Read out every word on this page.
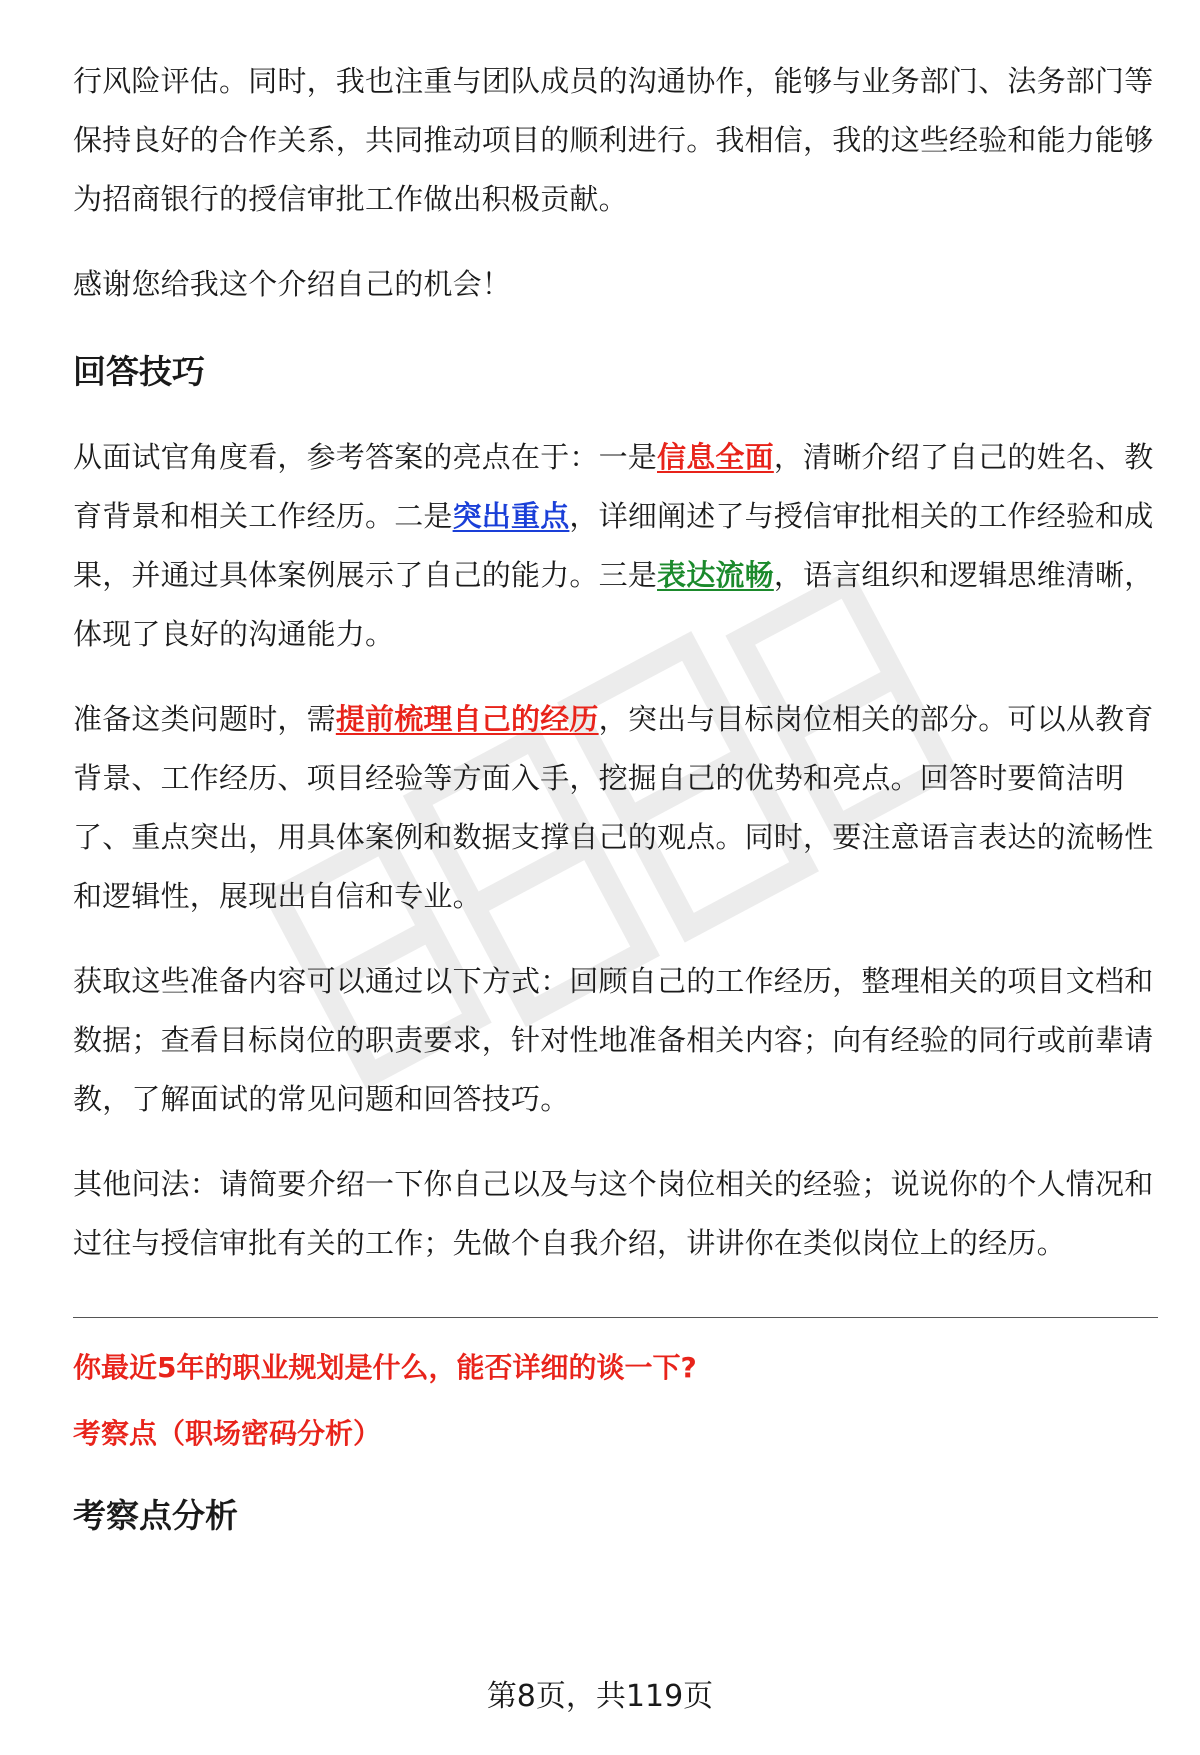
行风险评估。同时，我也注重与团队成员的沟通协作，能够与业务部门、法务部门等保持良好的合作关系，共同推动项目的顺利进行。我相信，我的这些经验和能力能够为招商银行的授信审批工作做出积极贡献。

感谢您给我这个介绍自己的机会！

回答技巧

从面试官角度看，参考答案的亮点在于：一是信息全面，清晰介绍了自己的姓名、教育背景和相关工作经历。二是突出重点，详细阐述了与授信审批相关的工作经验和成果，并通过具体案例展示了自己的能力。三是表达流畅，语言组织和逻辑思维清晰，体现了良好的沟通能力。

准备这类问题时，需提前梳理自己的经历，突出与目标岗位相关的部分。可以从教育背景、工作经历、项目经验等方面入手，挖掘自己的优势和亮点。回答时要简洁明了、重点突出，用具体案例和数据支撑自己的观点。同时，要注意语言表达的流畅性和逻辑性，展现出自信和专业。

获取这些准备内容可以通过以下方式：回顾自己的工作经历，整理相关的项目文档和数据；查看目标岗位的职责要求，针对性地准备相关内容；向有经验的同行或前辈请教，了解面试的常见问题和回答技巧。

其他问法：请简要介绍一下你自己以及与这个岗位相关的经验；说说你的个人情况和过往与授信审批有关的工作；先做个自我介绍，讲讲你在类似岗位上的经历。

你最近5年的职业规划是什么，能否详细的谈一下?
考察点（职场密码分析）
考察点分析
第8页，共119页
